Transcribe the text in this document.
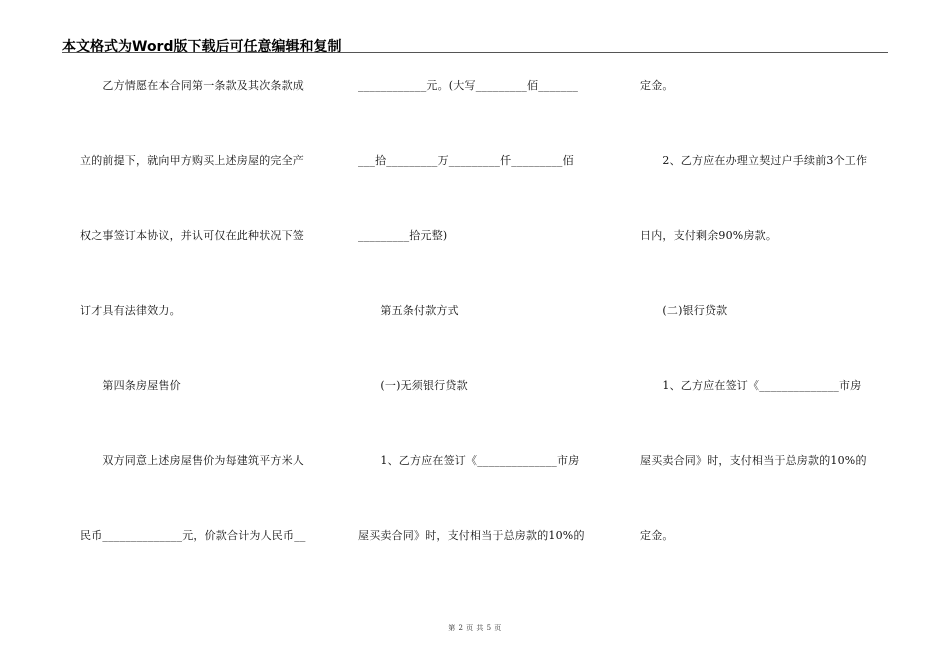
本文格式为Word版下载后可任意编辑和复制
　　乙方情愿在本合同第一条款及其次条款成
立的前提下，就向甲方购买上述房屋的完全产
权之事签订本协议，并认可仅在此种状况下签
订才具有法律效力。
　　第四条房屋售价
　　双方同意上述房屋售价为每建筑平方米人
民币______________元，价款合计为人民币__
____________元。(大写_________佰_______
___拾_________万_________仟_________佰
_________拾元整)
　　第五条付款方式
　　(一)无须银行贷款
　　1、乙方应在签订《______________市房
屋买卖合同》时，支付相当于总房款的10%的
定金。
　　2、乙方应在办理立契过户手续前3个工作
日内，支付剩余90%房款。
　　(二)银行贷款
　　1、乙方应在签订《______________市房
屋买卖合同》时，支付相当于总房款的10%的
定金。
第 2 页 共 5 页
